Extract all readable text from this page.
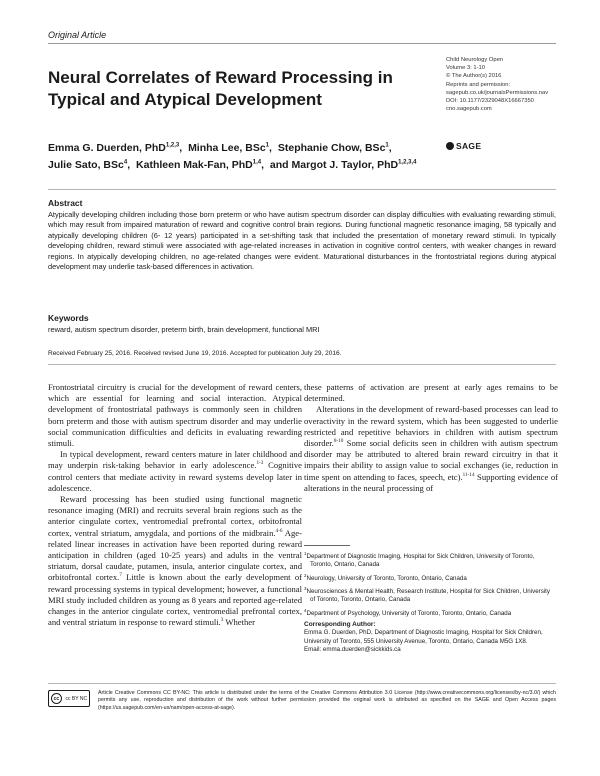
Original Article
Neural Correlates of Reward Processing in Typical and Atypical Development
Child Neurology Open
Volume 3: 1-10
© The Author(s) 2016
Reprints and permission:
sagepub.co.uk/journalsPermissions.nav
DOI: 10.1177/2329048X16667350
cno.sagepub.com
SAGE
Emma G. Duerden, PhD$^{1,2,3}$, Minha Lee, BSc$^1$, Stephanie Chow, BSc$^1$,
Julie Sato, BSc$^4$, Kathleen Mak-Fan, PhD$^{1,4}$, and Margot J. Taylor, PhD$^{1,2,3,4}$
Abstract
Atypically developing children including those born preterm or who have autism spectrum disorder can display difficulties with evaluating rewarding stimuli, which may result from impaired maturation of reward and cognitive control brain regions. During functional magnetic resonance imaging, 58 typically and atypically developing children (6- 12 years) participated in a set-shifting task that included the presentation of monetary reward stimuli. In typically developing children, reward stimuli were associated with age-related increases in activation in cognitive control centers, with weaker changes in reward regions. In atypically developing children, no age-related changes were evident. Maturational disturbances in the frontostriatal regions during atypical development may underlie task-based differences in activation.
Keywords
reward, autism spectrum disorder, preterm birth, brain development, functional MRI
Received February 25, 2016. Received revised June 19, 2016. Accepted for publication July 29, 2016.

Frontostriatal circuitry is crucial for the development of reward centers, which are essential for learning and social interaction. Atypical development of frontostriatal pathways is commonly seen in children born preterm and those with autism spectrum disorder and may underlie social communication difficulties and deficits in evaluating rewarding stimuli.

In typical development, reward centers mature in later childhood and may underpin risk-taking behavior in early adolescence.$^{1-3}$ Cognitive control centers that mediate activity in reward systems develop later in adolescence.

Reward processing has been studied using functional magnetic resonance imaging (MRI) and recruits several brain regions such as the anterior cingulate cortex, ventromedial prefrontal cortex, orbitofrontal cortex, ventral striatum, amygdala, and portions of the midbrain.$^{4-6}$ Age-related linear increases in activation have been reported during reward anticipation in children (aged 10-25 years) and adults in the ventral striatum, dorsal caudate, putamen, insula, anterior cingulate cortex, and orbitofrontal cortex.$^7$ Little is known about the early development of reward processing systems in typical development; however, a functional MRI study included children as young as 8 years and reported age-related changes in the anterior cingulate cortex, ventromedial prefrontal cortex, and ventral striatum in response to reward stimuli.$^3$ Whether

these patterns of activation are present at early ages remains to be determined.

Alterations in the development of reward-based processes can lead to overactivity in the reward system, which has been suggested to underlie restricted and repetitive behaviors in children with autism spectrum disorder.$^{8-10}$ Some social deficits seen in children with autism spectrum disorder may be attributed to altered brain reward circuitry in that it impairs their ability to assign value to social exchanges (ie, reduction in time spent on attending to faces, speech, etc).$^{11-14}$ Supporting evidence of alterations in the neural processing of

$^1$Department of Diagnostic Imaging, Hospital for Sick Children, University of Toronto, Toronto, Ontario, Canada
$^2$Neurology, University of Toronto, Toronto, Ontario, Canada
$^3$Neurosciences & Mental Health, Research Institute, Hospital for Sick Children, University of Toronto, Toronto, Ontario, Canada
$^4$Department of Psychology, University of Toronto, Toronto, Ontario, Canada
Corresponding Author:
Emma G. Duerden, PhD, Department of Diagnostic Imaging, Hospital for Sick Children, University of Toronto, 555 University Avenue, Toronto, Ontario, Canada M5G 1X8.
Email: emma.duerden@sickkids.ca
cc	cc BY NC
Article Creative Commons CC BY-NC: This article is distributed under the terms of the Creative Commons Attribution 3.0 License (http://www.creativecommons.org/licenses/by-nc/3.0/) which permits any use, reproduction and distribution of the work without further permission provided the original work is attributed as specified on the SAGE and Open Access pages (https://us.sagepub.com/en-us/nam/open-access-at-sage).
